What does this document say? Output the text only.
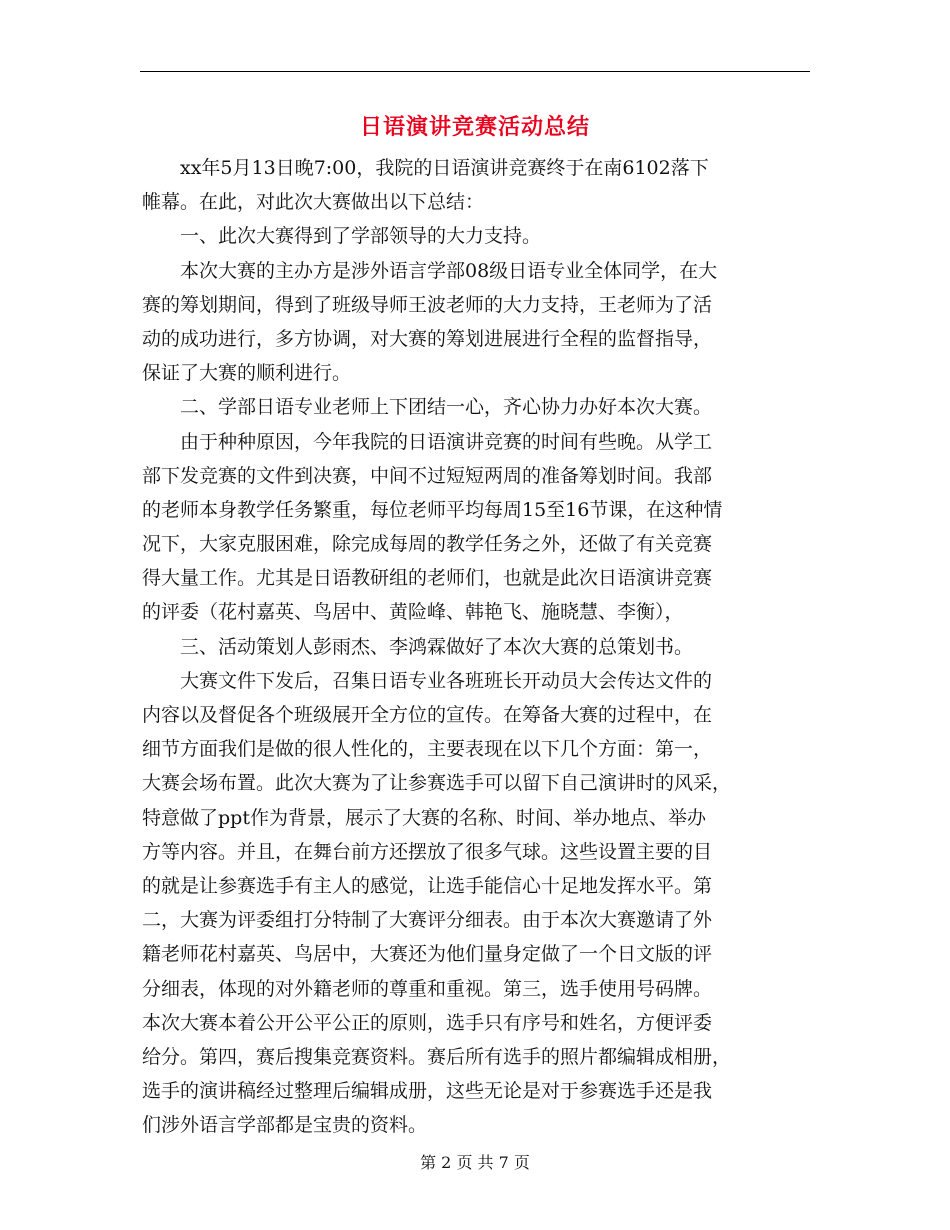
日语演讲竞赛活动总结
　　xx年5月13日晚7:00，我院的日语演讲竞赛终于在南6102落下
帷幕。在此，对此次大赛做出以下总结：
　　一、此次大赛得到了学部领导的大力支持。
　　本次大赛的主办方是涉外语言学部08级日语专业全体同学，在大
赛的筹划期间，得到了班级导师王波老师的大力支持，王老师为了活
动的成功进行，多方协调，对大赛的筹划进展进行全程的监督指导，
保证了大赛的顺利进行。
　　二、学部日语专业老师上下团结一心，齐心协力办好本次大赛。
　　由于种种原因，今年我院的日语演讲竞赛的时间有些晚。从学工
部下发竞赛的文件到决赛，中间不过短短两周的准备筹划时间。我部
的老师本身教学任务繁重，每位老师平均每周15至16节课，在这种情
况下，大家克服困难，除完成每周的教学任务之外，还做了有关竞赛
得大量工作。尤其是日语教研组的老师们，也就是此次日语演讲竞赛
的评委（花村嘉英、鸟居中、黄险峰、韩艳飞、施晓慧、李衡），
　　三、活动策划人彭雨杰、李鸿霖做好了本次大赛的总策划书。
　　大赛文件下发后，召集日语专业各班班长开动员大会传达文件的
内容以及督促各个班级展开全方位的宣传。在筹备大赛的过程中，在
细节方面我们是做的很人性化的，主要表现在以下几个方面：第一，
大赛会场布置。此次大赛为了让参赛选手可以留下自己演讲时的风采，
特意做了ppt作为背景，展示了大赛的名称、时间、举办地点、举办
方等内容。并且，在舞台前方还摆放了很多气球。这些设置主要的目
的就是让参赛选手有主人的感觉，让选手能信心十足地发挥水平。第
二，大赛为评委组打分特制了大赛评分细表。由于本次大赛邀请了外
籍老师花村嘉英、鸟居中，大赛还为他们量身定做了一个日文版的评
分细表，体现的对外籍老师的尊重和重视。第三，选手使用号码牌。
本次大赛本着公开公平公正的原则，选手只有序号和姓名，方便评委
给分。第四，赛后搜集竞赛资料。赛后所有选手的照片都编辑成相册，
选手的演讲稿经过整理后编辑成册，这些无论是对于参赛选手还是我
们涉外语言学部都是宝贵的资料。
第 2 页 共 7 页
